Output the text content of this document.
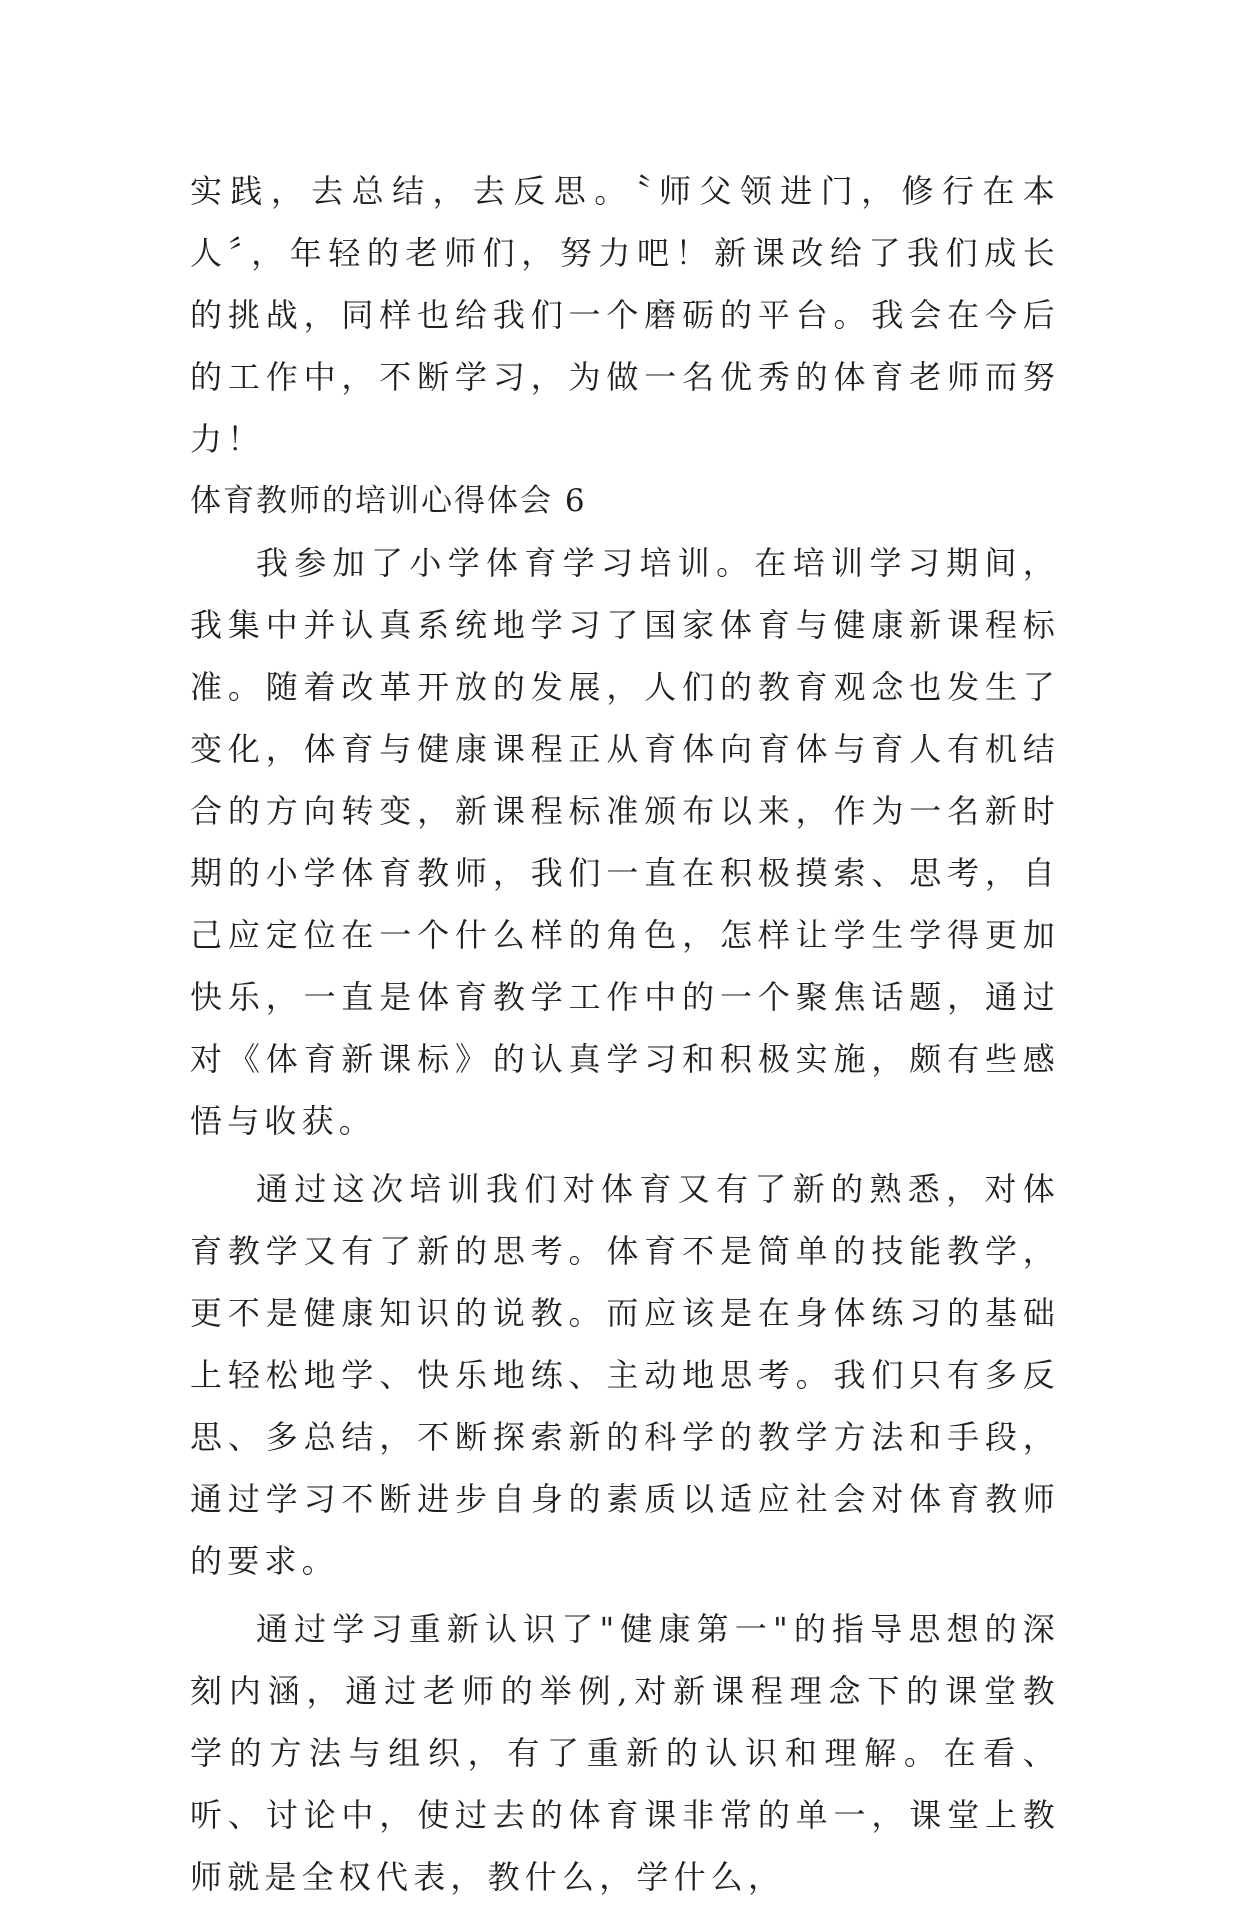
实践，去总结，去反思。〝师父领进门，修行在本人〞，年轻的老师们，努力吧！新课改给了我们成长的挑战，同样也给我们一个磨砺的平台。我会在今后的工作中，不断学习，为做一名优秀的体育老师而努力！

体育教师的培训心得体会 6

我参加了小学体育学习培训。在培训学习期间，我集中并认真系统地学习了国家体育与健康新课程标准。随着改革开放的发展，人们的教育观念也发生了变化，体育与健康课程正从育体向育体与育人有机结合的方向转变，新课程标准颁布以来，作为一名新时期的小学体育教师，我们一直在积极摸索、思考，自己应定位在一个什么样的角色，怎样让学生学得更加快乐，一直是体育教学工作中的一个聚焦话题，通过对《体育新课标》的认真学习和积极实施，颇有些感悟与收获。

通过这次培训我们对体育又有了新的熟悉，对体育教学又有了新的思考。体育不是简单的技能教学，更不是健康知识的说教。而应该是在身体练习的基础上轻松地学、快乐地练、主动地思考。我们只有多反思、多总结，不断探索新的科学的教学方法和手段，通过学习不断进步自身的素质以适应社会对体育教师的要求。

通过学习重新认识了"健康第一"的指导思想的深刻内涵，通过老师的举例,对新课程理念下的课堂教学的方法与组织，有了重新的认识和理解。在看、听、讨论中，使过去的体育课非常的单一，课堂上教师就是全权代表，教什么，学什么，
